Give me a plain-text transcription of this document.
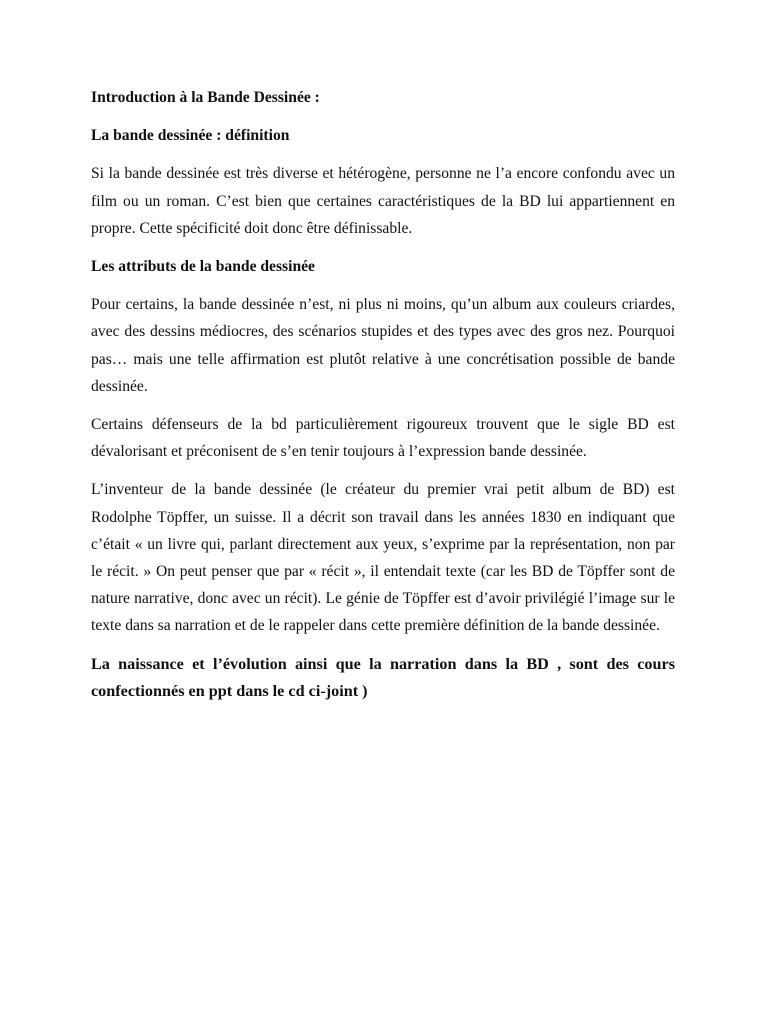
Introduction à la Bande Dessinée :

La bande dessinée : définition

Si la bande dessinée est très diverse et hétérogène, personne ne l’a encore confondu avec un film ou un roman. C’est bien que certaines caractéristiques de la BD lui appartiennent en propre. Cette spécificité doit donc être définissable.

Les attributs de la bande dessinée

Pour certains, la bande dessinée n’est, ni plus ni moins, qu’un album aux couleurs criardes, avec des dessins médiocres, des scénarios stupides et des types avec des gros nez. Pourquoi pas… mais une telle affirmation est plutôt relative à une concrétisation possible de bande dessinée.

Certains défenseurs de la bd particulièrement rigoureux trouvent que le sigle BD est dévalorisant et préconisent de s’en tenir toujours à l’expression bande dessinée.

L’inventeur de la bande dessinée (le créateur du premier vrai petit album de BD) est Rodolphe Töpffer, un suisse. Il a décrit son travail dans les années 1830 en indiquant que c’était « un livre qui, parlant directement aux yeux, s’exprime par la représentation, non par le récit. » On peut penser que par « récit », il entendait texte (car les BD de Töpffer sont de nature narrative, donc avec un récit). Le génie de Töpffer est d’avoir privilégié l’image sur le texte dans sa narration et de le rappeler dans cette première définition de la bande dessinée.

La naissance et l’évolution ainsi que la narration dans la BD , sont des cours confectionnés en ppt dans le cd ci-joint )
